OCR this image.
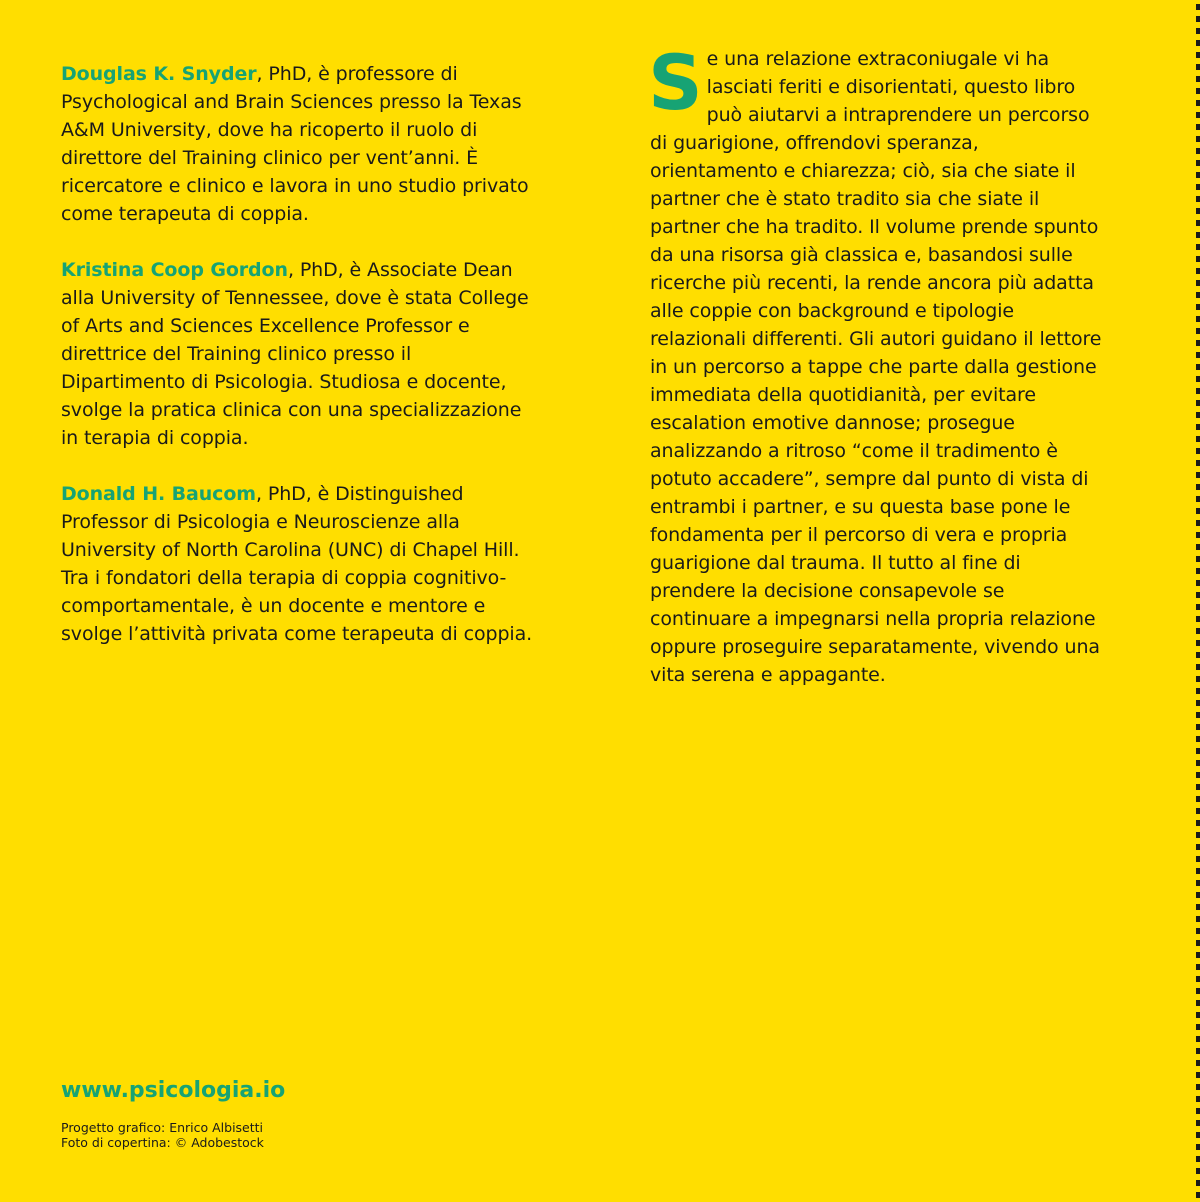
Douglas K. Snyder, PhD, è professore di Psychological and Brain Sciences presso la Texas A&M University, dove ha ricoperto il ruolo di direttore del Training clinico per vent’anni. È ricercatore e clinico e lavora in uno studio privato come terapeuta di coppia.

Kristina Coop Gordon, PhD, è Associate Dean alla University of Tennessee, dove è stata College of Arts and Sciences Excellence Professor e direttrice del Training clinico presso il Dipartimento di Psicologia. Studiosa e docente, svolge la pratica clinica con una specializzazione in terapia di coppia.

Donald H. Baucom, PhD, è Distinguished Professor di Psicologia e Neuroscienze alla University of North Carolina (UNC) di Chapel Hill. Tra i fondatori della terapia di coppia cognitivo-comportamentale, è un docente e mentore e svolge l’attività privata come terapeuta di coppia.

Se una relazione extraconiugale vi ha lasciati feriti e disorientati, questo libro può aiutarvi a intraprendere un percorso di guarigione, offrendovi speranza, orientamento e chiarezza; ciò, sia che siate il partner che è stato tradito sia che siate il partner che ha tradito. Il volume prende spunto da una risorsa già classica e, basandosi sulle ricerche più recenti, la rende ancora più adatta alle coppie con background e tipologie relazionali differenti. Gli autori guidano il lettore in un percorso a tappe che parte dalla gestione immediata della quotidianità, per evitare escalation emotive dannose; prosegue analizzando a ritroso “come il tradimento è potuto accadere”, sempre dal punto di vista di entrambi i partner, e su questa base pone le fondamenta per il percorso di vera e propria guarigione dal trauma. Il tutto al fine di prendere la decisione consapevole se continuare a impegnarsi nella propria relazione oppure proseguire separatamente, vivendo una vita serena e appagante.

www.psicologia.io

Progetto grafico: Enrico Albisetti
Foto di copertina: © Adobestock
